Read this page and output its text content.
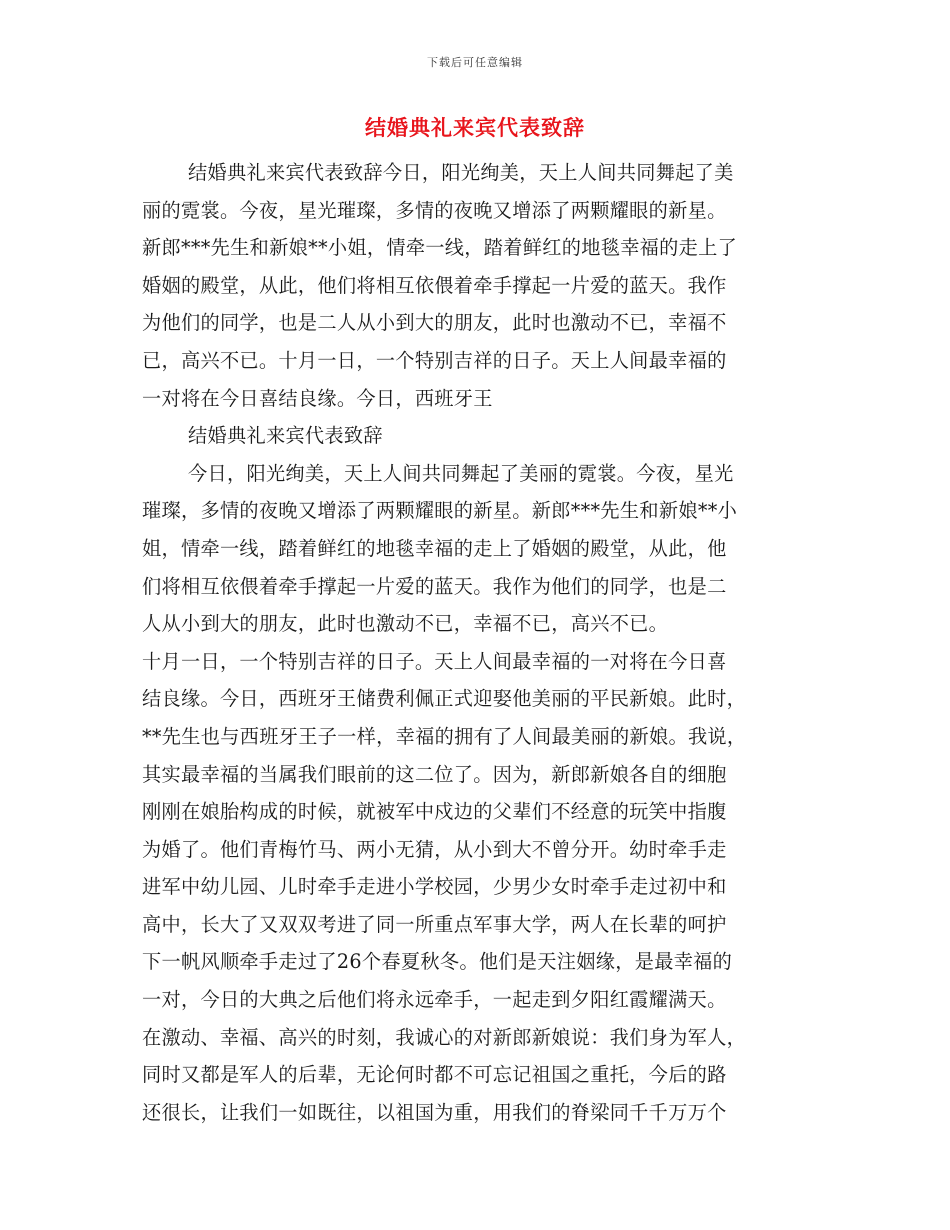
下载后可任意编辑
结婚典礼来宾代表致辞
结婚典礼来宾代表致辞今日，阳光绚美，天上人间共同舞起了美
丽的霓裳。今夜，星光璀璨，多情的夜晚又增添了两颗耀眼的新星。
新郎***先生和新娘**小姐，情牵一线，踏着鲜红的地毯幸福的走上了
婚姻的殿堂，从此，他们将相互依偎着牵手撑起一片爱的蓝天。我作
为他们的同学，也是二人从小到大的朋友，此时也激动不已，幸福不
已，高兴不已。十月一日，一个特别吉祥的日子。天上人间最幸福的
一对将在今日喜结良缘。今日，西班牙王
结婚典礼来宾代表致辞
今日，阳光绚美，天上人间共同舞起了美丽的霓裳。今夜，星光
璀璨，多情的夜晚又增添了两颗耀眼的新星。新郎***先生和新娘**小
姐，情牵一线，踏着鲜红的地毯幸福的走上了婚姻的殿堂，从此，他
们将相互依偎着牵手撑起一片爱的蓝天。我作为他们的同学，也是二
人从小到大的朋友，此时也激动不已，幸福不已，高兴不已。
十月一日，一个特别吉祥的日子。天上人间最幸福的一对将在今日喜
结良缘。今日，西班牙王储费利佩正式迎娶他美丽的平民新娘。此时，
**先生也与西班牙王子一样，幸福的拥有了人间最美丽的新娘。我说，
其实最幸福的当属我们眼前的这二位了。因为，新郎新娘各自的细胞
刚刚在娘胎构成的时候，就被军中戍边的父辈们不经意的玩笑中指腹
为婚了。他们青梅竹马、两小无猜，从小到大不曾分开。幼时牵手走
进军中幼儿园、儿时牵手走进小学校园，少男少女时牵手走过初中和
高中，长大了又双双考进了同一所重点军事大学，两人在长辈的呵护
下一帆风顺牵手走过了26个春夏秋冬。他们是天注姻缘，是最幸福的
一对，今日的大典之后他们将永远牵手，一起走到夕阳红霞耀满天。
在激动、幸福、高兴的时刻，我诚心的对新郎新娘说：我们身为军人，
同时又都是军人的后辈，无论何时都不可忘记祖国之重托，今后的路
还很长，让我们一如既往，以祖国为重，用我们的脊梁同千千万万个
